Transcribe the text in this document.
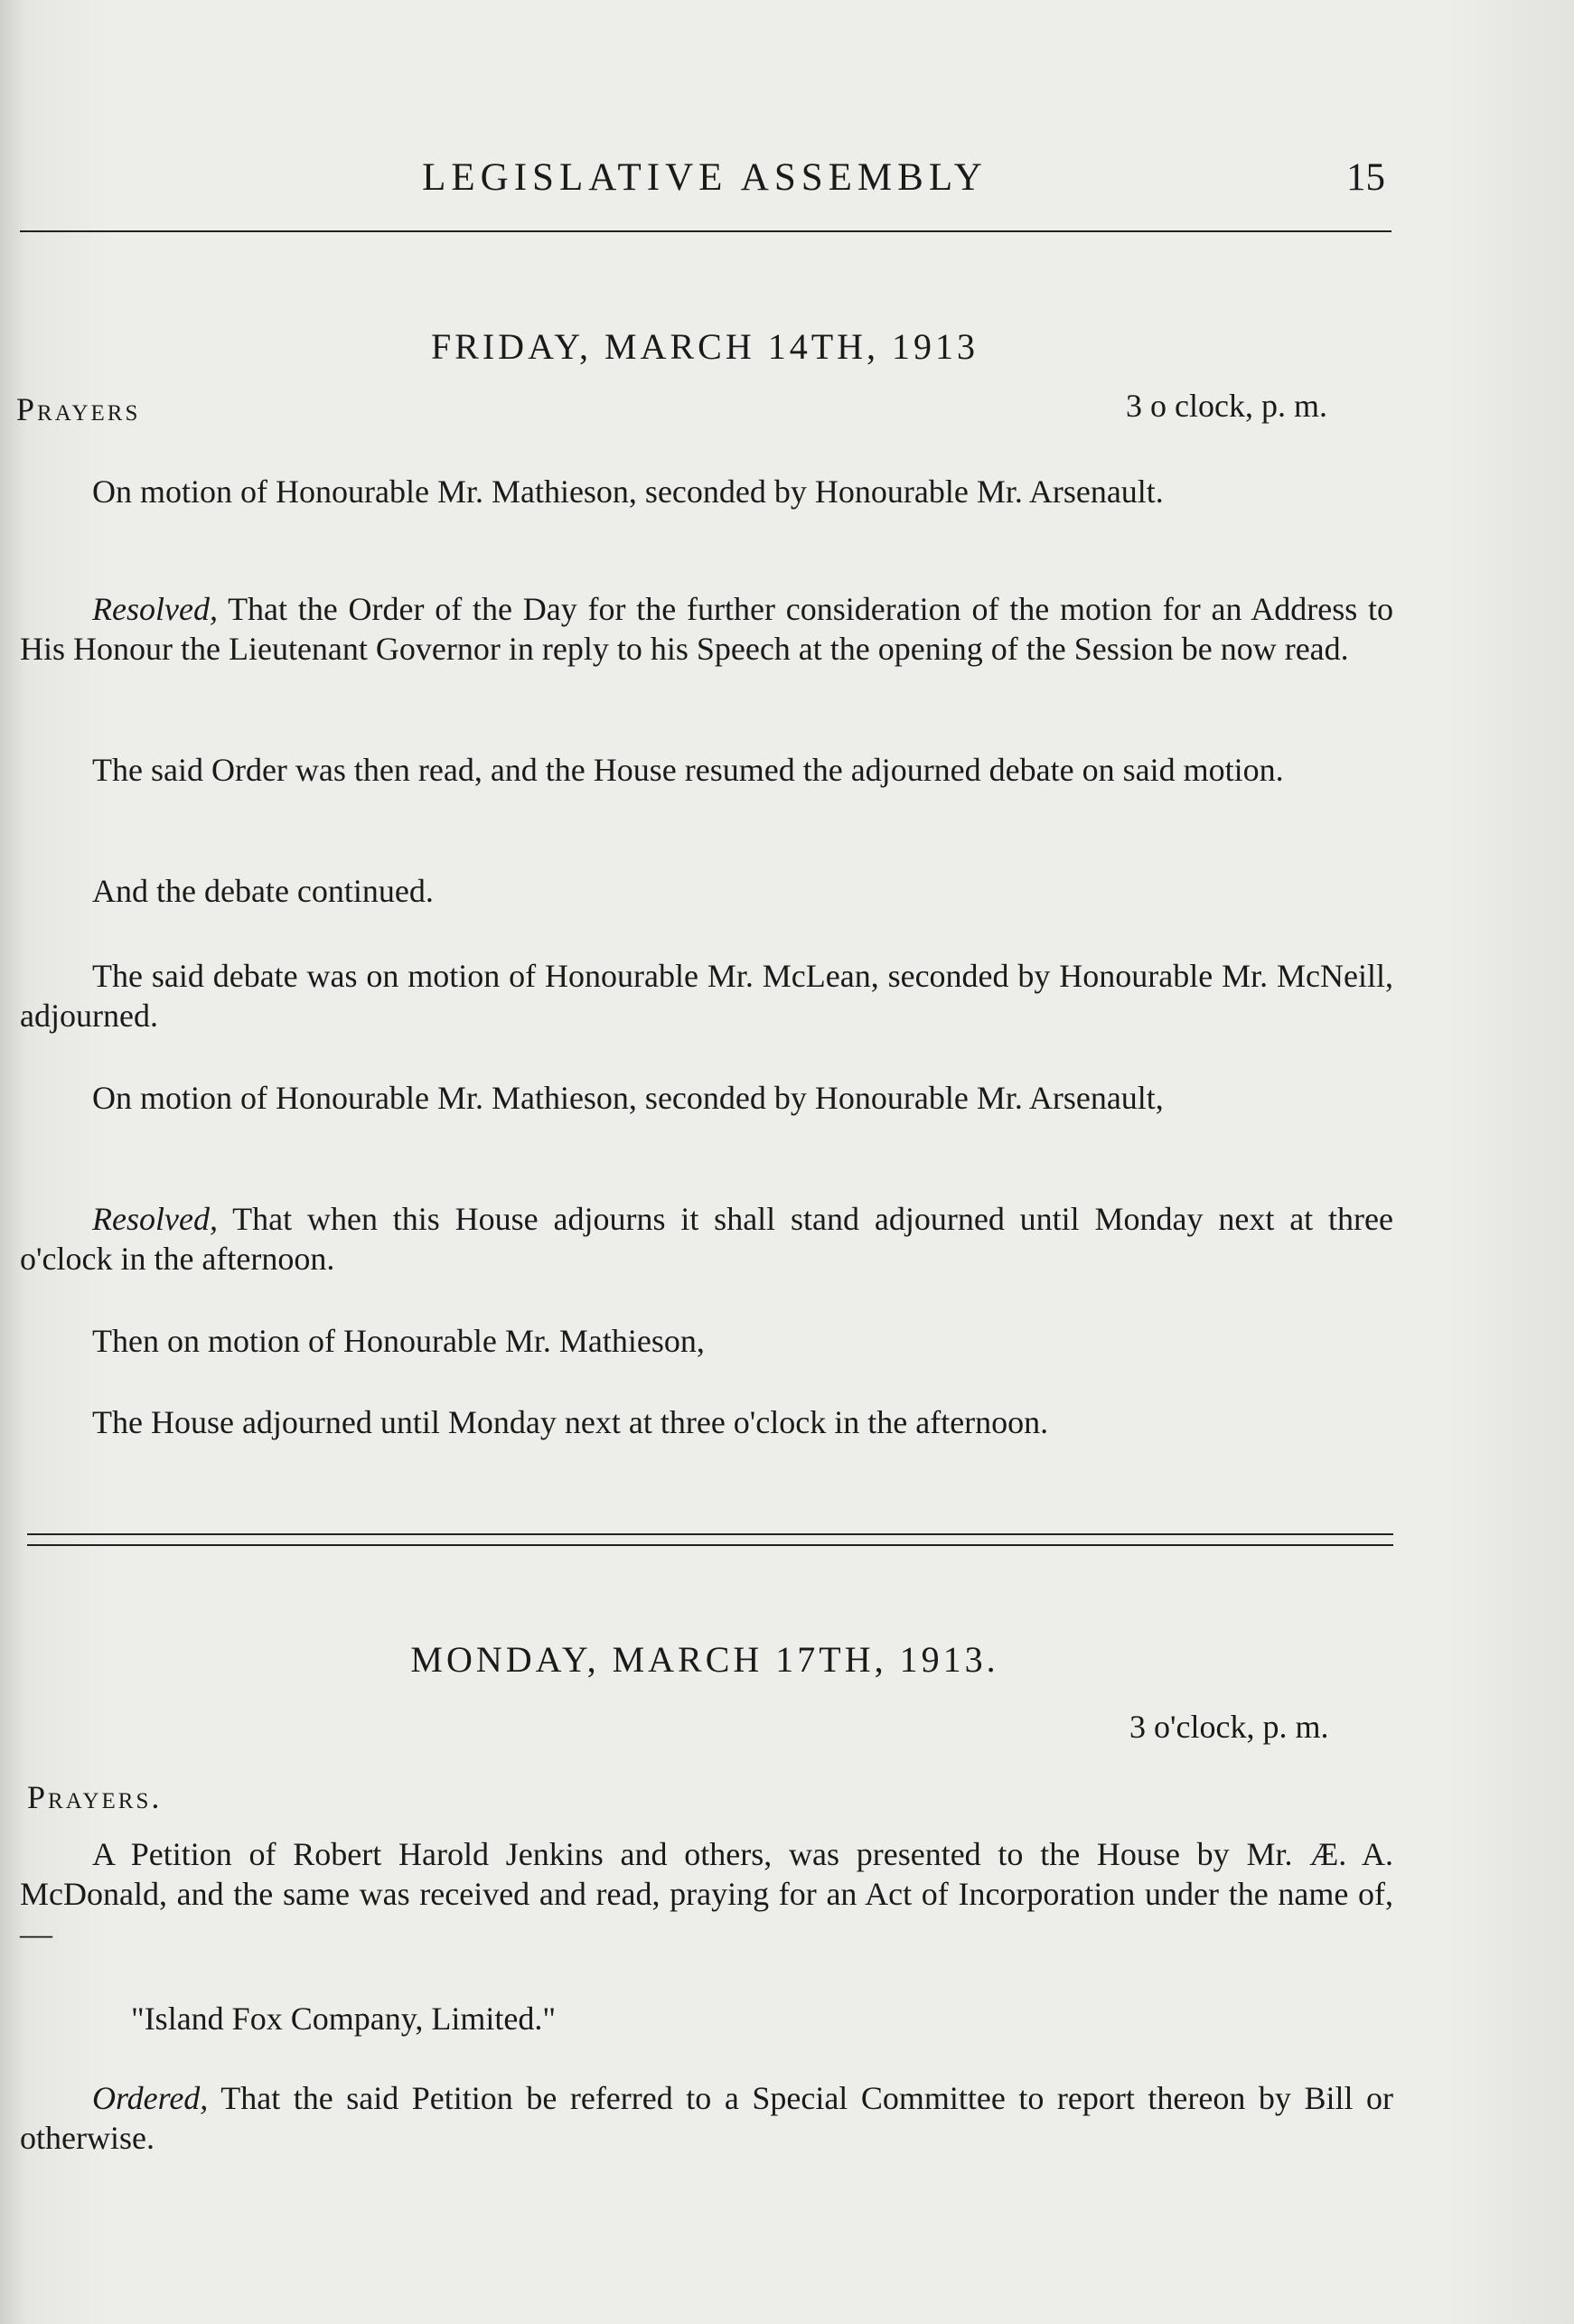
LEGISLATIVE ASSEMBLY	15
FRIDAY, MARCH 14TH, 1913
Prayers	3 o clock, p. m.
On motion of Honourable Mr. Mathieson, seconded by Honourable Mr. Arsenault.
Resolved, That the Order of the Day for the further consideration of the motion for an Address to His Honour the Lieutenant Governor in reply to his Speech at the opening of the Session be now read.
The said Order was then read, and the House resumed the adjourned debate on said motion.
And the debate continued.
The said debate was on motion of Honourable Mr. McLean, seconded by Honourable Mr. McNeill, adjourned.
On motion of Honourable Mr. Mathieson, seconded by Honourable Mr. Arsenault,
Resolved, That when this House adjourns it shall stand adjourned until Monday next at three o'clock in the afternoon.
Then on motion of Honourable Mr. Mathieson,
The House adjourned until Monday next at three o'clock in the afternoon.
MONDAY, MARCH 17TH, 1913.
3 o'clock, p. m.
Prayers.
A Petition of Robert Harold Jenkins and others, was presented to the House by Mr. Æ. A. McDonald, and the same was received and read, praying for an Act of Incorporation under the name of,—
"Island Fox Company, Limited."
Ordered, That the said Petition be referred to a Special Committee to report thereon by Bill or otherwise.
